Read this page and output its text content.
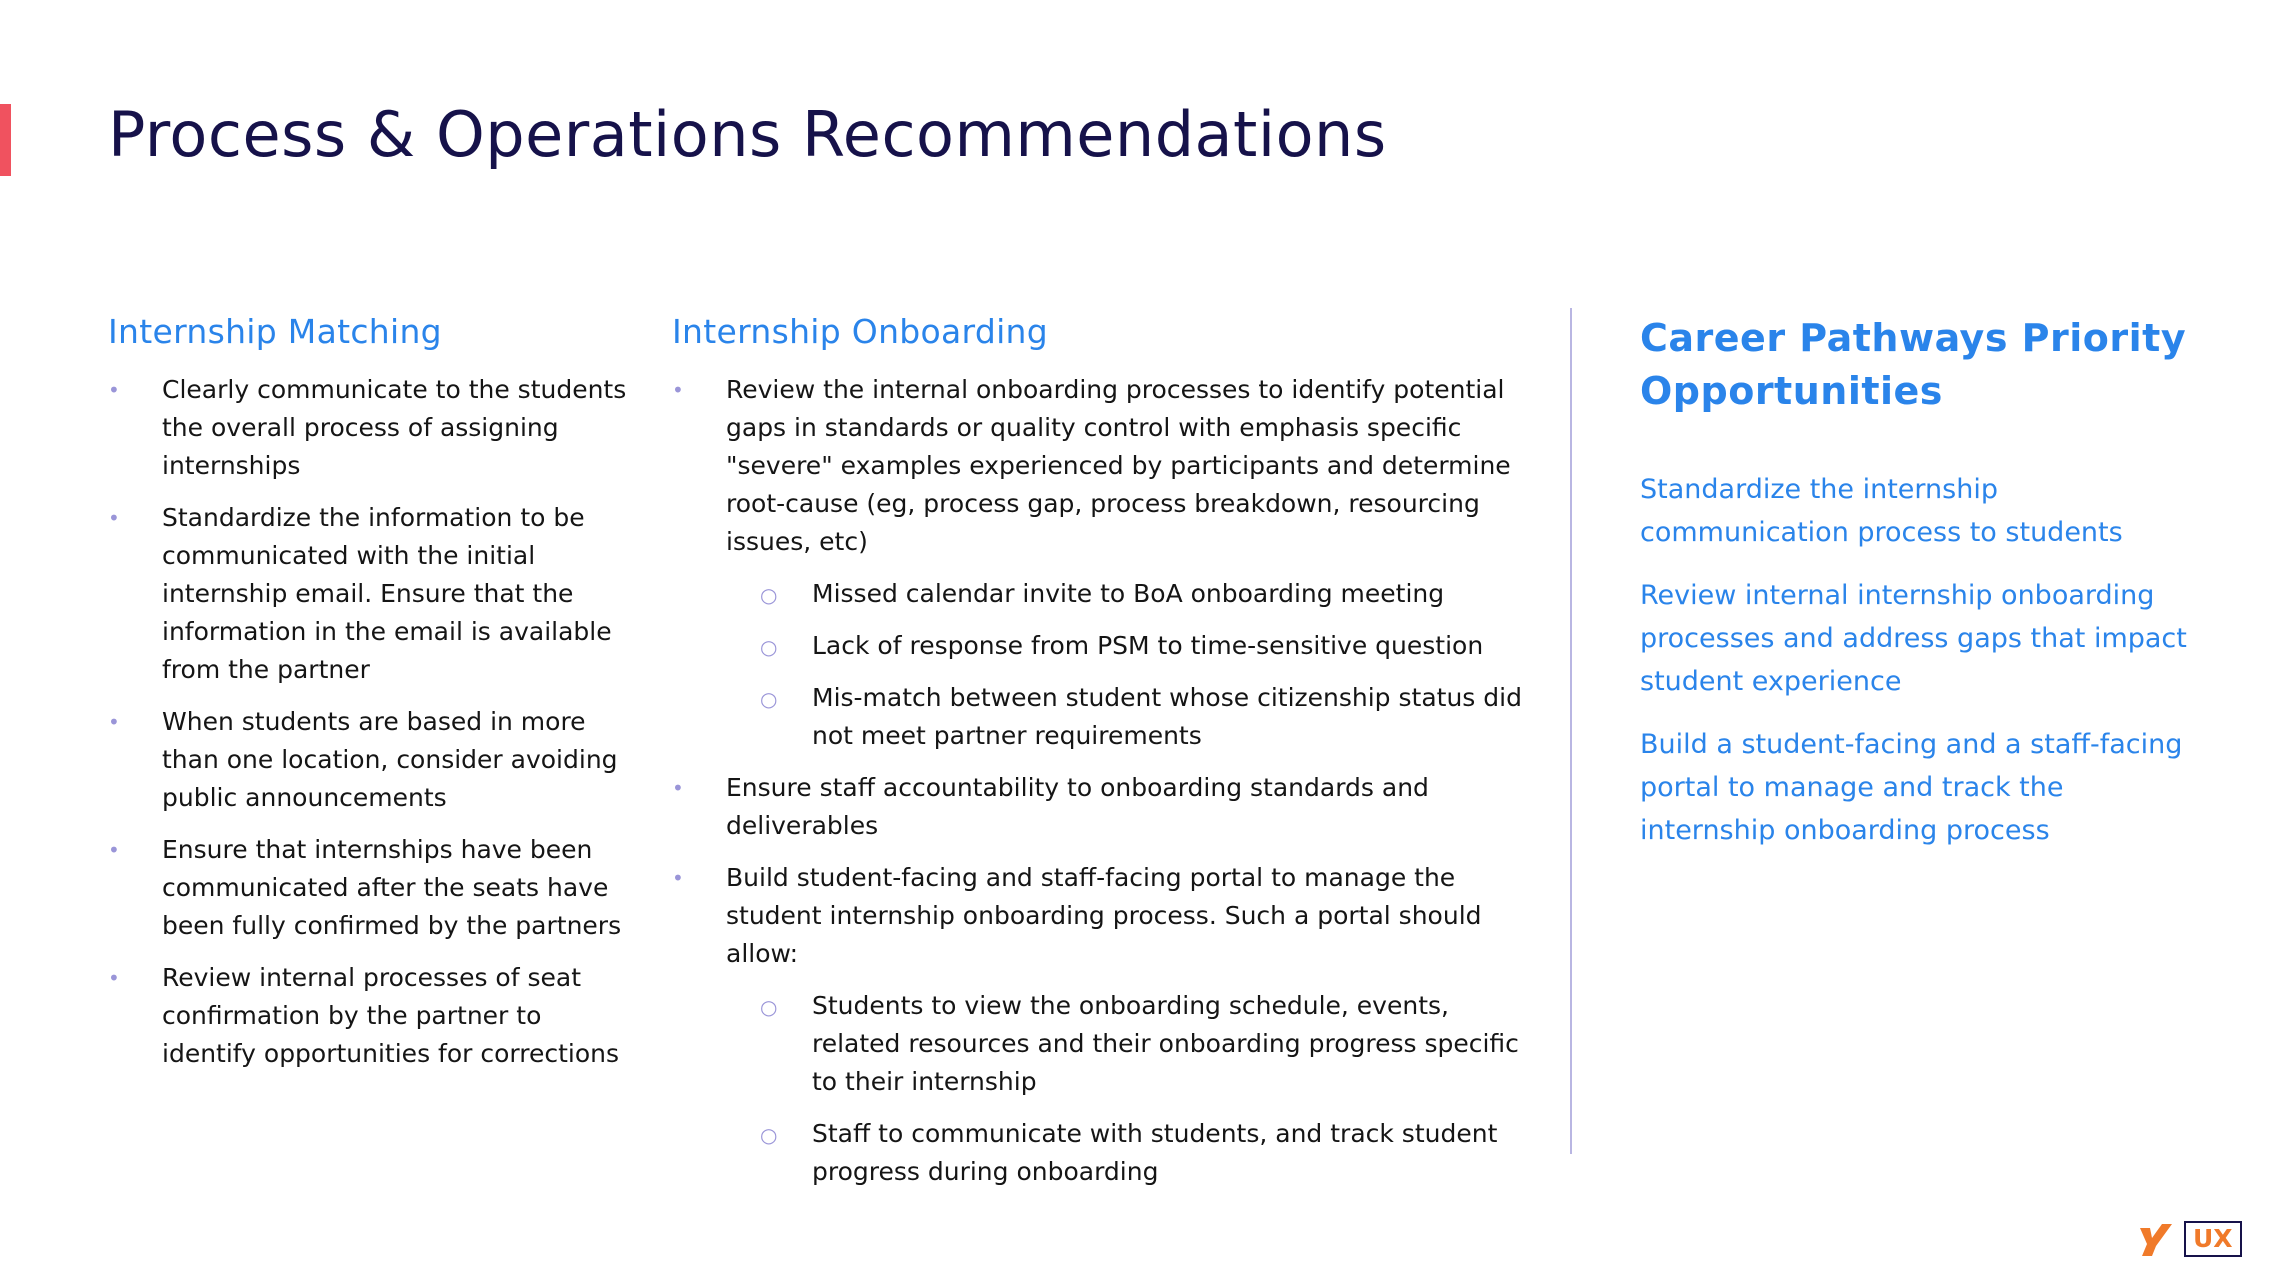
Process & Operations Recommendations
Internship Matching
• Clearly communicate to the students the overall process of assigning internships
• Standardize the information to be communicated with the initial internship email. Ensure that the information in the email is available from the partner
• When students are based in more than one location, consider avoiding public announcements
• Ensure that internships have been communicated after the seats have been fully confirmed by the partners
• Review internal processes of seat confirmation by the partner to identify opportunities for corrections
Internship Onboarding
• Review the internal onboarding processes to identify potential gaps in standards or quality control with emphasis specific "severe" examples experienced by participants and determine root-cause (eg, process gap, process breakdown, resourcing issues, etc)
○ Missed calendar invite to BoA onboarding meeting
○ Lack of response from PSM to time-sensitive question
○ Mis-match between student whose citizenship status did not meet partner requirements
• Ensure staff accountability to onboarding standards and deliverables
• Build student-facing and staff-facing portal to manage the student internship onboarding process. Such a portal should allow:
○ Students to view the onboarding schedule, events, related resources and their onboarding progress specific to their internship
○ Staff to communicate with students, and track student progress during onboarding
Career Pathways Priority Opportunities

Standardize the internship communication process to students

Review internal internship onboarding processes and address gaps that impact student experience

Build a student-facing and a staff-facing portal to manage and track the internship onboarding process

UX
